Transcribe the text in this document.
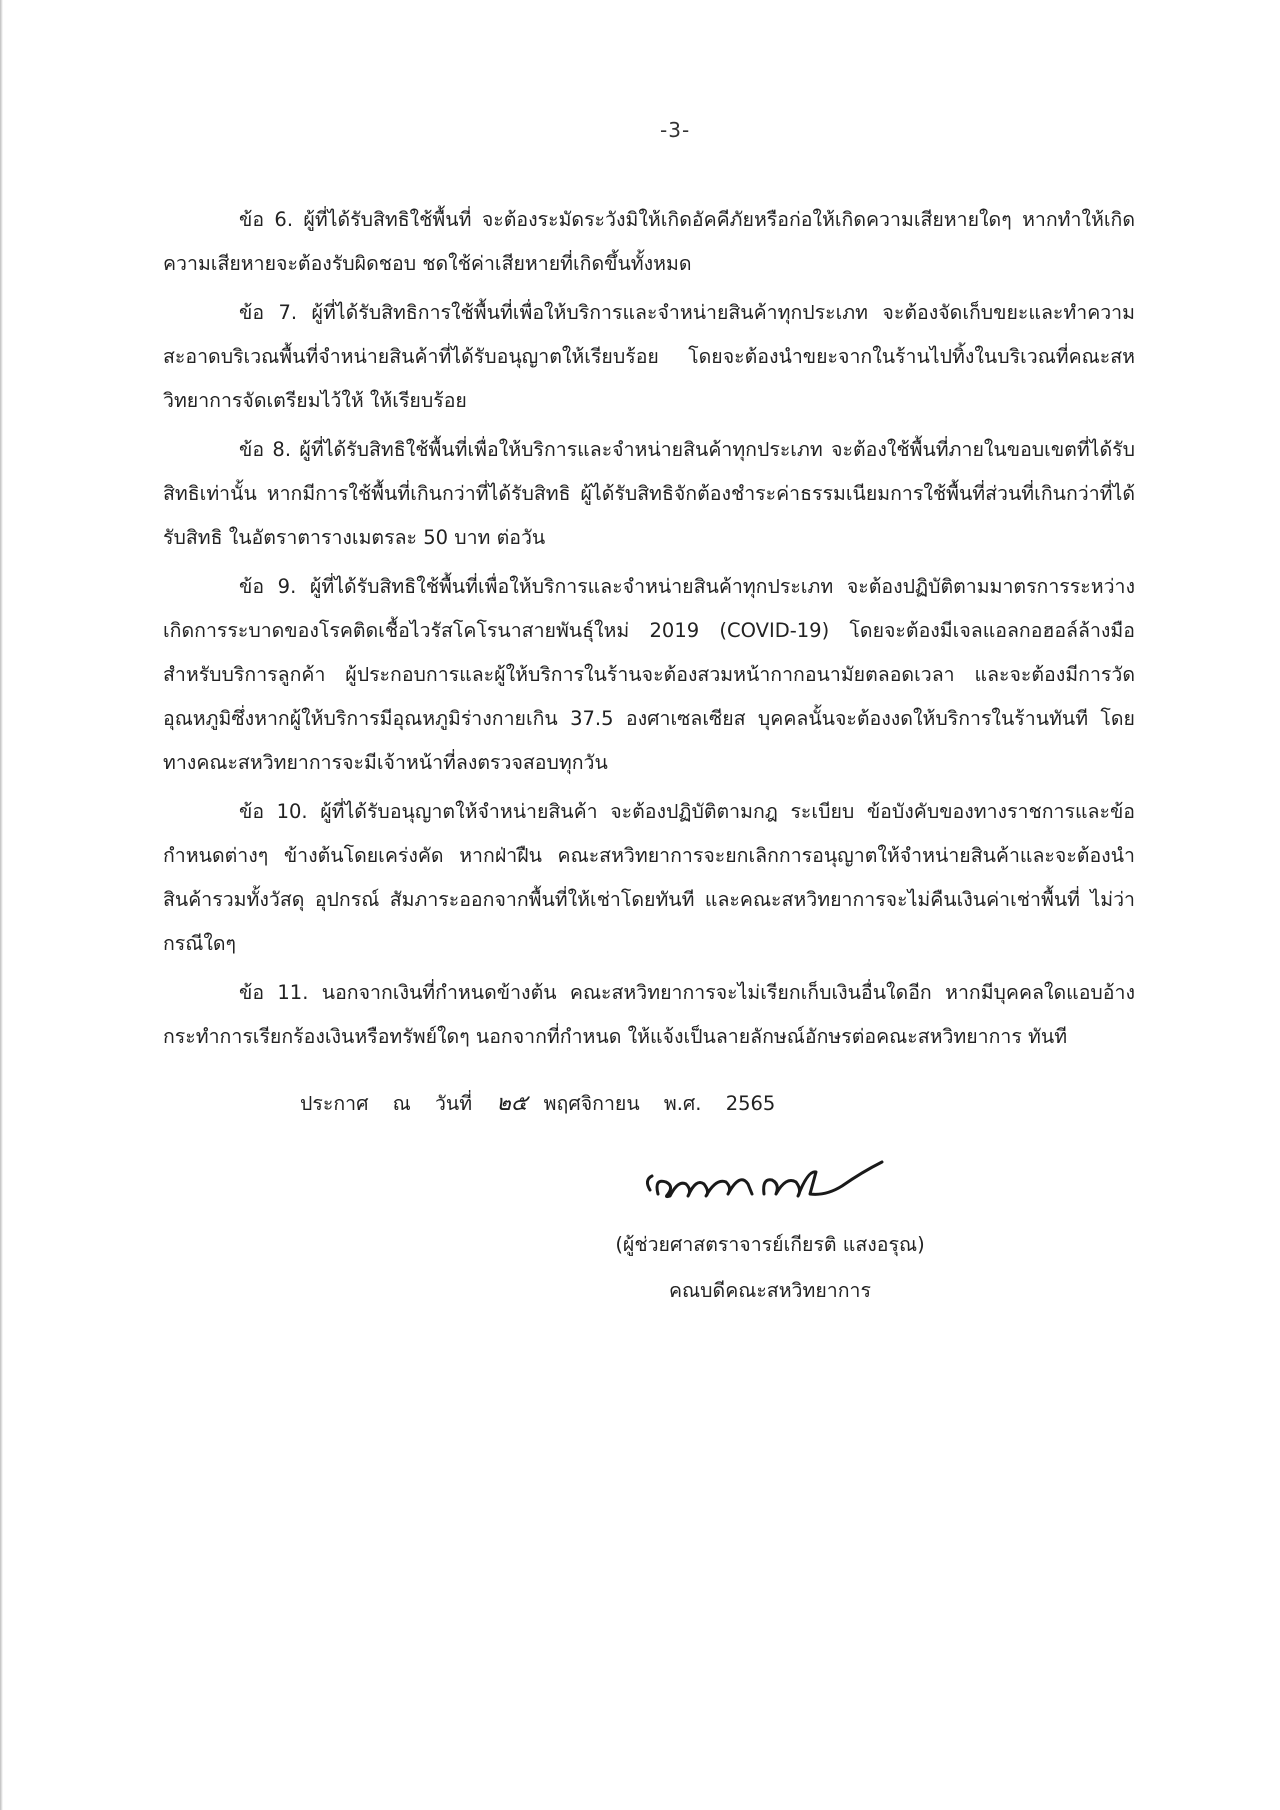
-3-

ข้อ 6. ผู้ที่ได้รับสิทธิใช้พื้นที่ จะต้องระมัดระวังมิให้เกิดอัคคีภัยหรือก่อให้เกิดความเสียหายใดๆ หากทำให้เกิดความเสียหายจะต้องรับผิดชอบ ชดใช้ค่าเสียหายที่เกิดขึ้นทั้งหมด

ข้อ 7. ผู้ที่ได้รับสิทธิการใช้พื้นที่เพื่อให้บริการและจำหน่ายสินค้าทุกประเภท จะต้องจัดเก็บขยะและทำความสะอาดบริเวณพื้นที่จำหน่ายสินค้าที่ได้รับอนุญาตให้เรียบร้อย โดยจะต้องนำขยะจากในร้านไปทิ้งในบริเวณที่คณะสหวิทยาการจัดเตรียมไว้ให้ ให้เรียบร้อย

ข้อ 8. ผู้ที่ได้รับสิทธิใช้พื้นที่เพื่อให้บริการและจำหน่ายสินค้าทุกประเภท จะต้องใช้พื้นที่ภายในขอบเขตที่ได้รับสิทธิเท่านั้น หากมีการใช้พื้นที่เกินกว่าที่ได้รับสิทธิ ผู้ได้รับสิทธิจักต้องชำระค่าธรรมเนียมการใช้พื้นที่ส่วนที่เกินกว่าที่ได้รับสิทธิ ในอัตราตารางเมตรละ 50 บาท ต่อวัน

ข้อ 9. ผู้ที่ได้รับสิทธิใช้พื้นที่เพื่อให้บริการและจำหน่ายสินค้าทุกประเภท จะต้องปฏิบัติตามมาตรการระหว่างเกิดการระบาดของโรคติดเชื้อไวรัสโคโรนาสายพันธุ์ใหม่ 2019 (COVID-19) โดยจะต้องมีเจลแอลกอฮอล์ล้างมือสำหรับบริการลูกค้า ผู้ประกอบการและผู้ให้บริการในร้านจะต้องสวมหน้ากากอนามัยตลอดเวลา และจะต้องมีการวัดอุณหภูมิซึ่งหากผู้ให้บริการมีอุณหภูมิร่างกายเกิน 37.5 องศาเซลเซียส บุคคลนั้นจะต้องงดให้บริการในร้านทันที โดยทางคณะสหวิทยาการจะมีเจ้าหน้าที่ลงตรวจสอบทุกวัน

ข้อ 10. ผู้ที่ได้รับอนุญาตให้จำหน่ายสินค้า จะต้องปฏิบัติตามกฎ ระเบียบ ข้อบังคับของทางราชการและข้อกำหนดต่างๆ ข้างต้นโดยเคร่งคัด หากฝ่าฝืน คณะสหวิทยาการจะยกเลิกการอนุญาตให้จำหน่ายสินค้าและจะต้องนำสินค้ารวมทั้งวัสดุ อุปกรณ์ สัมภาระออกจากพื้นที่ให้เช่าโดยทันที และคณะสหวิทยาการจะไม่คืนเงินค่าเช่าพื้นที่ ไม่ว่ากรณีใดๆ

ข้อ 11. นอกจากเงินที่กำหนดข้างต้น คณะสหวิทยาการจะไม่เรียกเก็บเงินอื่นใดอีก หากมีบุคคลใดแอบอ้างกระทำการเรียกร้องเงินหรือทรัพย์ใดๆ นอกจากที่กำหนด ให้แจ้งเป็นลายลักษณ์อักษรต่อคณะสหวิทยาการ ทันที

ประกาศ ณ วันที่ ๒๕ พฤศจิกายน พ.ศ. 2565
(ผู้ช่วยศาสตราจารย์เกียรติ แสงอรุณ)
คณบดีคณะสหวิทยาการ
